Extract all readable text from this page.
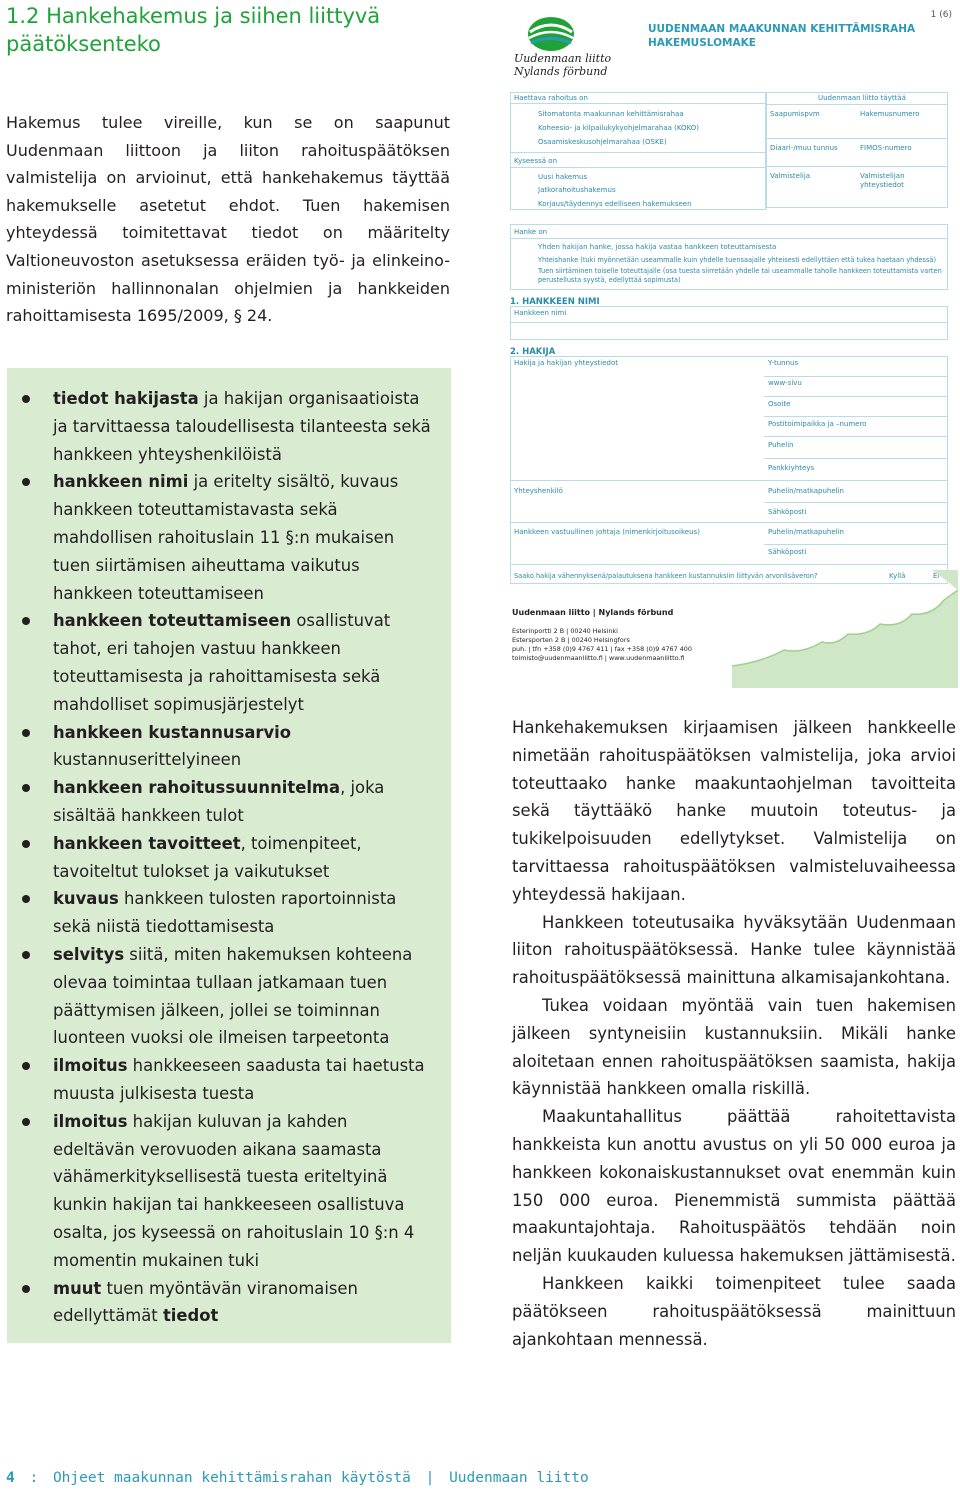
1.2 Hankehakemus ja siihen liittyvä
päätöksenteko

Hakemus tulee vireille, kun se on saapunut Uudenmaan liittoon ja liiton rahoituspäätöksen valmistelija on arvioinut, että hankehakemus täyttää hakemukselle asetetut ehdot. Tuen hakemisen yhteydessä toimitettavat tiedot on määritelty Valtioneuvoston asetuksessa eräiden työ- ja elinkeino-ministeriön hallinnonalan ohjelmien ja hankkeiden rahoittamisesta 1695/2009, § 24.

tiedot hakijasta ja hakijan organisaatioista ja tarvittaessa taloudellisesta tilanteesta sekä hankkeen yhteyshenkilöistä
hankkeen nimi ja eritelty sisältö, kuvaus hankkeen toteuttamistavasta sekä mahdollisen rahoituslain 11 §:n mukaisen tuen siirtämisen aiheuttama vaikutus hankkeen toteuttamiseen
hankkeen toteuttamiseen osallistuvat tahot, eri tahojen vastuu hankkeen toteuttamisesta ja rahoittamisesta sekä mahdolliset sopimusjärjestelyt
hankkeen kustannusarvio kustannuserittelyineen
hankkeen rahoitussuunnitelma, joka sisältää hankkeen tulot
hankkeen tavoitteet, toimenpiteet, tavoiteltut tulokset ja vaikutukset
kuvaus hankkeen tulosten raportoinnista sekä niistä tiedottamisesta
selvitys siitä, miten hakemuksen kohteena olevaa toimintaa tullaan jatkamaan tuen päättymisen jälkeen, jollei se toiminnan luonteen vuoksi ole ilmeisen tarpeetonta
ilmoitus hankkeeseen saadusta tai haetusta muusta julkisesta tuesta
ilmoitus hakijan kuluvan ja kahden edeltävän verovuoden aikana saamasta vähämerkityksellisestä tuesta eriteltyinä kunkin hakijan tai hankkeeseen osallistuva osalta, jos kyseessä on rahoituslain 10 §:n 4 momentin mukainen tuki
muut tuen myöntävän viranomaisen edellyttämät tiedot
Uudenmaan liitto
Nylands förbund
UUDENMAAN MAAKUNNAN KEHITTÄMISRAHA
HAKEMUSLOMAKE
1 (6)
Haettava rahoitus on
Sitomatonta maakunnan kehittämisrahaa
Koheesio- ja kilpailukykyohjelmarahaa (KOKO)
Osaamiskeskusohjelmarahaa (OSKE)
Kyseessä on
Uusi hakemus
Jatkorahoitushakemus
Korjaus/täydennys edelliseen hakemukseen
Uudenmaan liitto täyttää
Saapumispvm	Hakemusnumero
Diaari-/muu tunnus	FIMOS-numero
Valmistelija	Valmistelijan
yhteystiedot
Hanke on
Yhden hakijan hanke, jossa hakija vastaa hankkeen toteuttamisesta
Yhteishanke (tuki myönnetään useammalle kuin yhdelle tuensaajalle yhteisesti edellyttäen että tukea haetaan yhdessä)
Tuen siirtäminen toiselle toteuttajalle (osa tuesta siirretään yhdelle tai useammalle taholle hankkeen toteuttamista varten
perustellusta syystä, edellyttää sopimusta)
1. HANKKEEN NIMI
Hankkeen nimi
2. HAKIJA
Hakija ja hakijan yhteystiedot	Y-tunnus
www-sivu
Osoite
Postitoimipaikka ja –numero
Puhelin
Pankkiyhteys
Yhteyshenkilö	Puhelin/matkapuhelin
Sähköposti
Hankkeen vastuullinen johtaja (nimenkirjoitusoikeus)	Puhelin/matkapuhelin
Sähköposti
Saako hakija vähennyksenä/palautuksena hankkeen kustannuksiin liittyvän arvonlisäveron?	Kyllä	Ei
Uudenmaan liitto | Nylands förbund
Esterinportti 2 B | 00240 Helsinki
Estersporten 2 B | 00240 Helsingfors
puh. | tfn +358 (0)9 4767 411 | fax +358 (0)9 4767 400
toimisto@uudenmaanliitto.fi | www.uudenmaanliitto.fi

Hankehakemuksen kirjaamisen jälkeen hankkeelle nimetään rahoituspäätöksen valmistelija, joka arvioi toteuttaako hanke maakuntaohjelman tavoitteita sekä täyttääkö hanke muutoin toteutus- ja tukikelpoisuuden edellytykset. Valmistelija on tarvittaessa rahoituspäätöksen valmisteluvaiheessa yhteydessä hakijaan.

Hankkeen toteutusaika hyväksytään Uudenmaan liiton rahoituspäätöksessä. Hanke tulee käynnistää rahoituspäätöksessä mainittuna alkamisajankohtana.

Tukea voidaan myöntää vain tuen hakemisen jälkeen syntyneisiin kustannuksiin. Mikäli hanke aloitetaan ennen rahoituspäätöksen saamista, hakija käynnistää hankkeen omalla riskillä.

Maakuntahallitus päättää rahoitettavista hankkeista kun anottu avustus on yli 50 000 euroa ja hankkeen kokonaiskustannukset ovat enemmän kuin 150 000 euroa. Pienemmistä summista päättää maakuntajohtaja. Rahoituspäätös tehdään noin neljän kuukauden kuluessa hakemuksen jättämisestä.

Hankkeen kaikki toimenpiteet tulee saada päätökseen rahoituspäätöksessä mainittuun ajankohtaan mennessä.

4 : Ohjeet maakunnan kehittämisrahan käytöstä | Uudenmaan liitto
